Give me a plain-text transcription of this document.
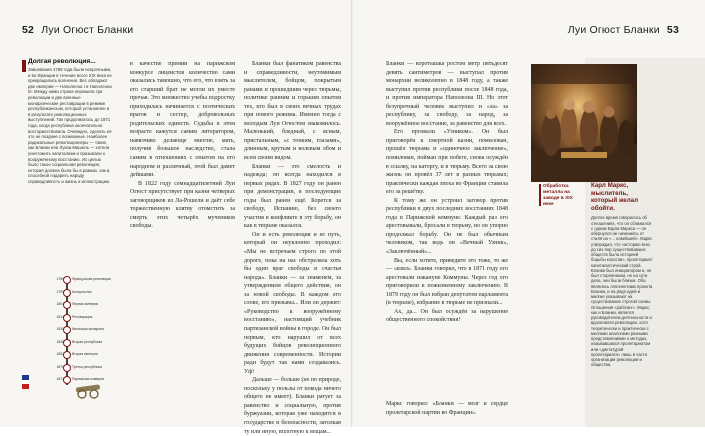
52 Луи Огюст Бланки
Долгая революция...
Завоевания 1789 года были непрочными, и во Франции в течение всего XIX века не прекращались волнения. Вес обладают две империи — Наполеона I и Наполеона III. Между ними страна пережила три революции и две военные монархические реставрации в режиме республиканском, который установлен и в результате революционных выступлений. Так продолжалось до 1871 года, когда республика окончательно восторжествовала. Очевидно, сделать её это не поздние с возможные. Наиболее радикальные революционеры — такие, как Бланки или Луиза Мишель — хотели уничтожить капитализм и призывали к вооружённому восстанию. Их целью было такое социальная революция, которая должна была бы в рамках, как и, способной подарить народу справедливость и жизнь и иллюстрацию.
1789 Французская революция
1799 Консульство
1804 Первая империя
1814 Реставрация
1830 Июльская монархия
1848 Вторая республика
1852 Вторая империя
1870 Третья республика
1871 Парижская коммуна

в качестве премии на парижском конкурсе лицеистов количество сами оказались тамошно, что его, что взять за его старший брат не могли их уместе прочая. Это множество учебы подростку приходилась начинается с поэтических врагов и сестер, добровольных родительских единств. Судьбы в этом возрасте кажутся самим литератором, навязчиво делающе многие, мать, получив большое наследство, стала самим в отношениях с опытом на его народном и различный, этой был дамет дейшами.

В 1822 году семнадцатилетний Луи Огюст присутствует при казни четверых заговорщиков из Ла-Рошели и даёт себе торжественную клятву отомстить за смерть этих четырёх мучеников свободы.

Бланки был фанатиком равенства и справедливости, неутомимым мыслителем, бойцом, покрытым ранами и прошедшим через тюрьмы, политике ранним и горьким опытом тех, кто был в своих вечных трудах при нового режима. Именно тогда с молодым Луи Огюстом знакомилось. Маленький, бледный, с ясным, пристальным, «с тонким, глазами», длинным, крутым и волевым лбом и всем своим видом.

Бланки — это смелость и надежда; он всегда находился в первых рядах. В 1827 году он ранен при демонстрации, в последующие годы был ранен ещё. Борется за свободу, Испанию, без своего участия в конфликте в эту борьбу, он как в тюрьме оказался.

Он и есть революция и ее путь, который он неуклонно проходил: «Мы не встречаем строго по этой дороге, пока на нас обстреляла хоть бы один враг свободы и счастья народа». Бланки — за знаменем, за утверждением общего действия, он за новой свободы. В каждом его слове, его призывы... Или он держит: «Руководство к вооружённому восстанию», настоящий учебник партизанской войны в городе. Он был первым, кто нарушил от всех будущих бойцов революционного движения современности. Истории ради будут так нами создавались. Уф!

Дальше — больше (не по природе, поскольку у пользы от покода ничего общего не имеет). Бланки ратует за равенство и социальную, против буржуазии, которая уже находится в государстве и безопасности, затолкав ту или иную, вплотную к вещам...

Луи Огюст Бланки 53

Бланки — коротышка ростом метр пятьдесят девять сантиметров — выступал против монархии великолепно в 1848 году, а также выступил против республики после 1848 года, и против императора Наполеона III. Но этот безупречный человек выступил и «за» за республику, за свободу, за народ, за вооружённое восстание, за равенство для всех.

Его прозвали «Узником». Он был приговорён к смертной казни, помилован, прошёл тюрьмы и «одиночное заключение», помилован, пойман при побеге, снова осуждён в ссылку, на каторгу, и в тюрьму. Всего за свою жизнь он провёл 37 лет в разных тюрьмах; практически каждая эпоха во Франции ставила его за решётку.

К тому же он устроил заговор против республики в двух последних восстаниях 1848 года в Парижской коммуне. Каждый раз его арестовывали, бросали в тюрьму, но он упорно продолжал борьбу. Он не был обычным человеком, так ведь он «Вечный Узник», «Заключённый»...

Вы, если хотите, приведите это тоже, то же — «взял». Бланки говорил, что в 1871 году его арестовали накануне Коммуны. Через год его приговорили к пожизненному заключению. В 1879 году он был избран депутатом парламента (в тюрьме), избрание в тюрьме не признали...

Ах, да... Он был осуждён за нарушение общественного спокойствия!

Обработка металла на заводе в XIX веке
Карл Маркс, мыслитель, который желал обойти.
Долгое время говорилось об отношениях, что он сближался с одним Карла Маркса — он обернулся не начинаясь от стиля на «... новейшей». Маркс утверждал, что «историю всех до сих пор существовавших обществ была историей борьбы классов», пролетариат/капиталистический строй. Бланки был инициатором и, не был сторонником, но на сути дела, они были близки. Оба являлись оппонентами проекта Бланки, и на ряде идей и многие указывают на существование строгой схемы Оглашения «рабочих». Маркс, как и Бланки, являлся руководителем деятельности и вдохновлял революции, хотя теоретически и практически с многими аналогами разными представлениями о методах, называвшихся пролетариатом или «диктатурой пролетариата» лишь в части организации революции и общества.

Маркс говорил: «Бланки — мозг и сердце пролетарской партии во Франции».
